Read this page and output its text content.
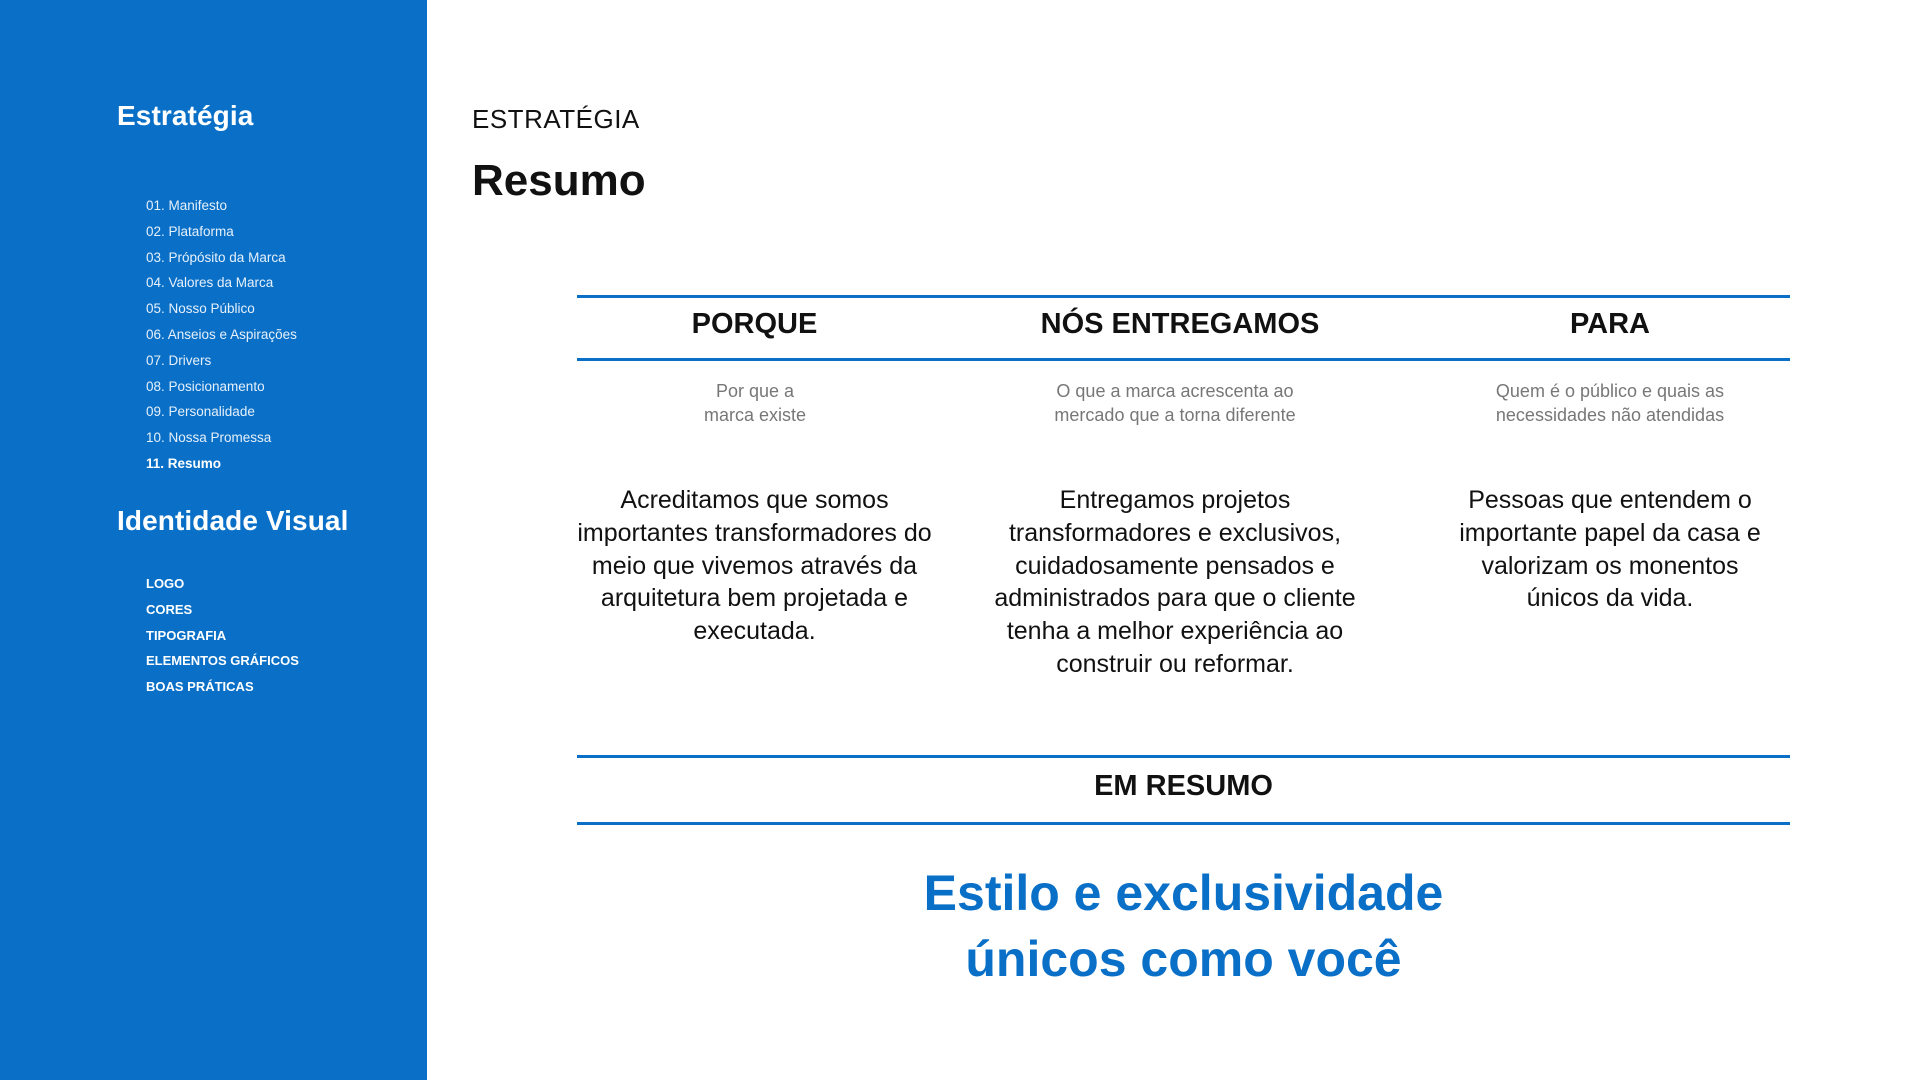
Estratégia
01. Manifesto
02. Plataforma
03. Própósito da Marca
04. Valores da Marca
05. Nosso Público
06. Anseios e Aspirações
07. Drivers
08. Posicionamento
09. Personalidade
10. Nossa Promessa
11. Resumo
Identidade Visual
LOGO
CORES
TIPOGRAFIA
ELEMENTOS GRÁFICOS
BOAS PRÁTICAS
ESTRATÉGIA
Resumo
PORQUE	NÓS ENTREGAMOS	PARA
Por que a
marca existe
O que a marca acrescenta ao
mercado que a torna diferente
Quem é o público e quais as
necessidades não atendidas
Acreditamos que somos importantes transformadores do meio que vivemos através da arquitetura bem projetada e executada.
Entregamos projetos transformadores e exclusivos, cuidadosamente pensados e administrados para que o cliente tenha a melhor experiência ao construir ou reformar.
Pessoas que entendem o importante papel da casa e valorizam os monentos únicos da vida.
EM RESUMO
Estilo e exclusividade
únicos como você
